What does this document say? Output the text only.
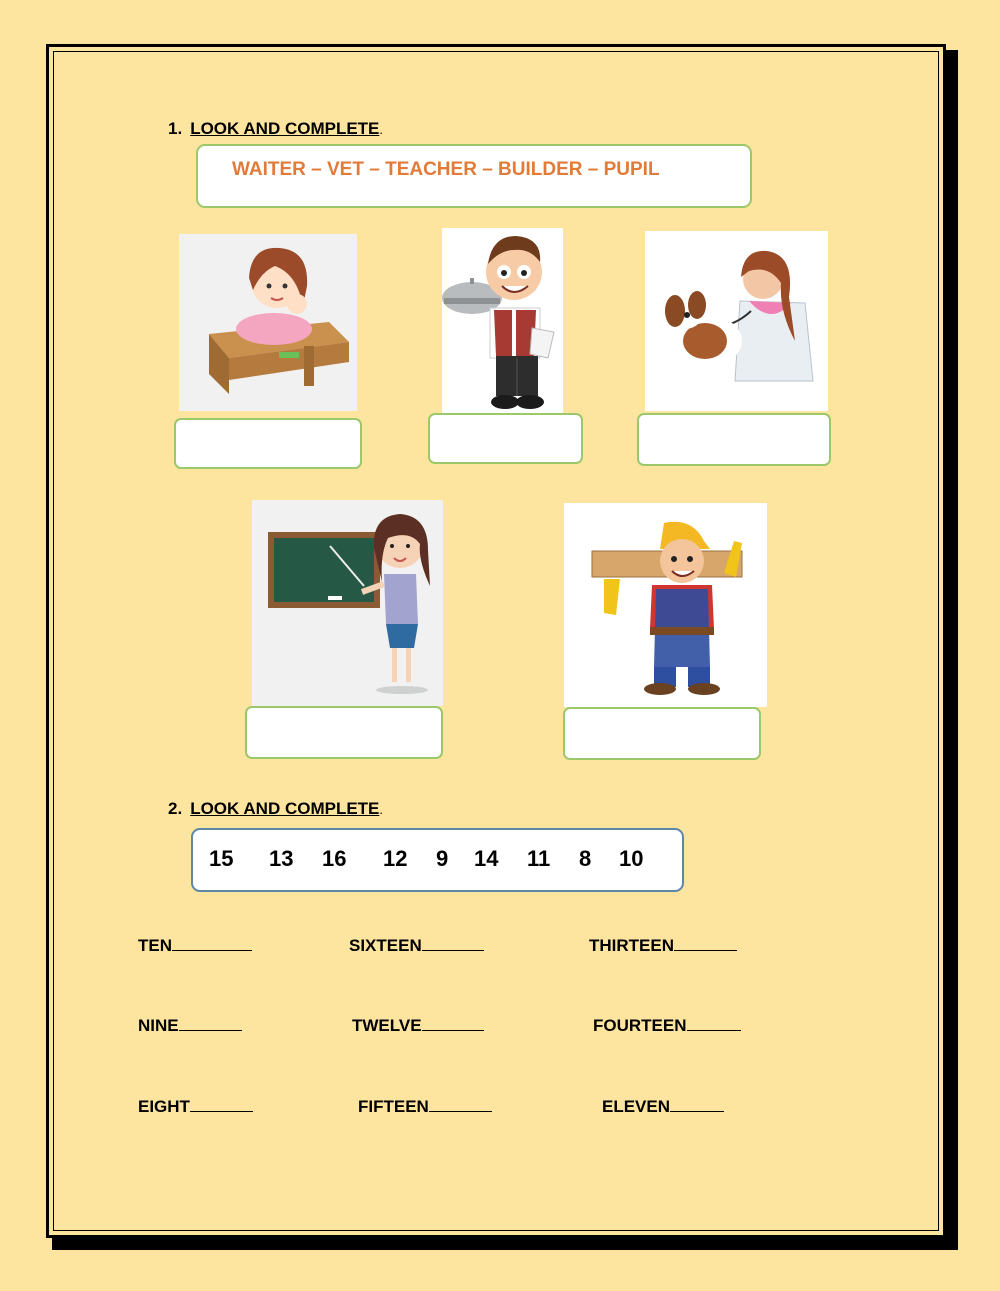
1. LOOK AND COMPLETE.
WAITER – VET – TEACHER – BUILDER – PUPIL
2. LOOK AND COMPLETE.
15 13 16 12 9 14 11 8 10
TEN	SIXTEEN	THIRTEEN
NINE	TWELVE	FOURTEEN
EIGHT	FIFTEEN	ELEVEN
